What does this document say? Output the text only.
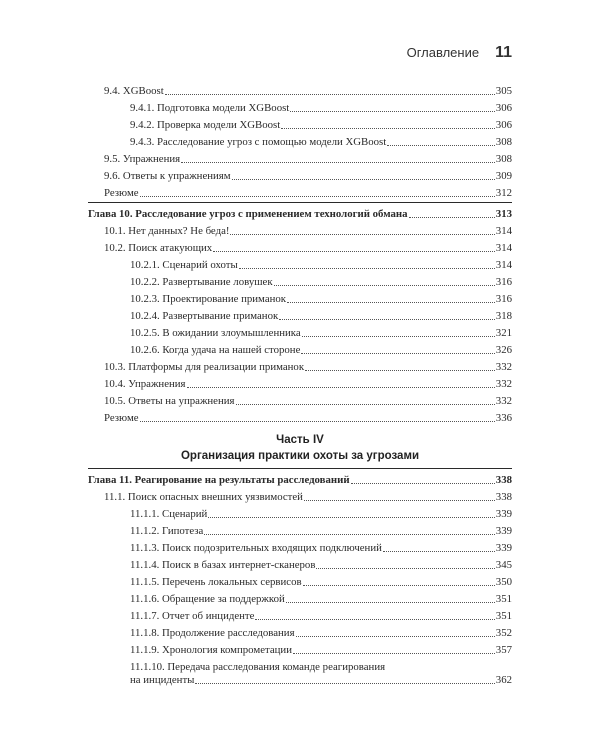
Оглавление 11
9.4. XGBoost	305
9.4.1. Подготовка модели XGBoost	306
9.4.2. Проверка модели XGBoost	306
9.4.3. Расследование угроз с помощью модели XGBoost	308
9.5. Упражнения	308
9.6. Ответы к упражнениям	309
Резюме	312
Глава 10. Расследование угроз с применением технологий обмана	313
10.1. Нет данных? Не беда!	314
10.2. Поиск атакующих	314
10.2.1. Сценарий охоты	314
10.2.2. Развертывание ловушек	316
10.2.3. Проектирование приманок	316
10.2.4. Развертывание приманок	318
10.2.5. В ожидании злоумышленника	321
10.2.6. Когда удача на нашей стороне	326
10.3. Платформы для реализации приманок	332
10.4. Упражнения	332
10.5. Ответы на упражнения	332
Резюме	336
Часть IV
Организация практики охоты за угрозами
Глава 11. Реагирование на результаты расследований	338
11.1. Поиск опасных внешних уязвимостей	338
11.1.1. Сценарий	339
11.1.2. Гипотеза	339
11.1.3. Поиск подозрительных входящих подключений	339
11.1.4. Поиск в базах интернет-сканеров	345
11.1.5. Перечень локальных сервисов	350
11.1.6. Обращение за поддержкой	351
11.1.7. Отчет об инциденте	351
11.1.8. Продолжение расследования	352
11.1.9. Хронология компрометации	357
11.1.10. Передача расследования команде реагирования
на инциденты	362
